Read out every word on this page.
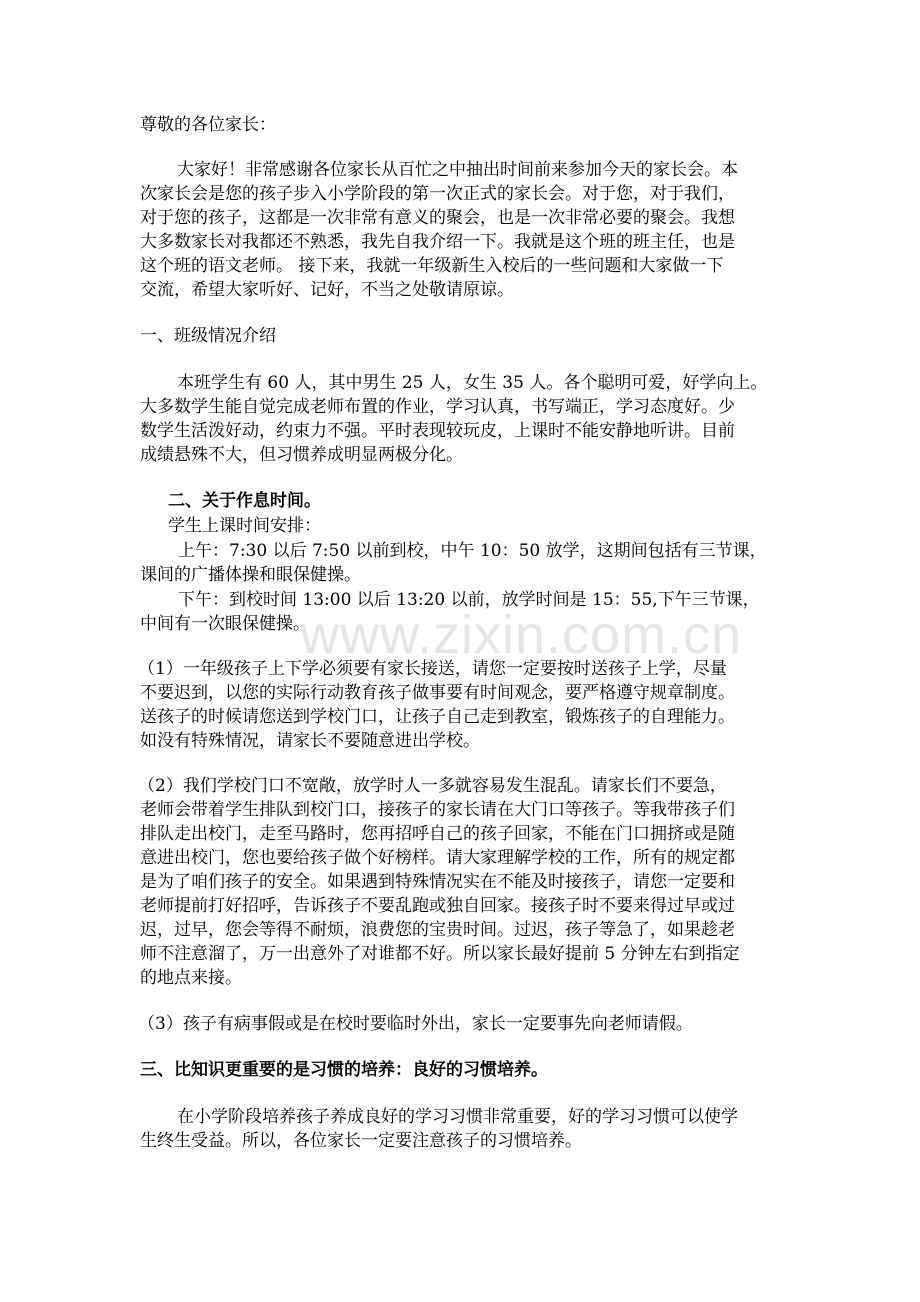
尊敬的各位家长：

大家好！非常感谢各位家长从百忙之中抽出时间前来参加今天的家长会。本

次家长会是您的孩子步入小学阶段的第一次正式的家长会。对于您，对于我们，

对于您的孩子，这都是一次非常有意义的聚会，也是一次非常必要的聚会。我想

大多数家长对我都还不熟悉，我先自我介绍一下。我就是这个班的班主任，也是

这个班的语文老师。 接下来，我就一年级新生入校后的一些问题和大家做一下

交流，希望大家听好、记好，不当之处敬请原谅。

一、班级情况介绍

本班学生有 60 人，其中男生 25 人，女生 35 人。各个聪明可爱，好学向上。

大多数学生能自觉完成老师布置的作业，学习认真，书写端正，学习态度好。少

数学生活泼好动，约束力不强。平时表现较玩皮，上课时不能安静地听讲。目前

成绩悬殊不大，但习惯养成明显两极分化。

二、关于作息时间。

学生上课时间安排：

上午：7:30 以后 7:50 以前到校，中午 10：50 放学，这期间包括有三节课，

课间的广播体操和眼保健操。

下午：到校时间 13:00 以后 13:20 以前，放学时间是 15：55,下午三节课，

中间有一次眼保健操。

（1）一年级孩子上下学必须要有家长接送，请您一定要按时送孩子上学，尽量

不要迟到，以您的实际行动教育孩子做事要有时间观念，要严格遵守规章制度。

送孩子的时候请您送到学校门口，让孩子自己走到教室，锻炼孩子的自理能力。

如没有特殊情况，请家长不要随意进出学校。

（2）我们学校门口不宽敞，放学时人一多就容易发生混乱。请家长们不要急，

老师会带着学生排队到校门口，接孩子的家长请在大门口等孩子。等我带孩子们

排队走出校门，走至马路时，您再招呼自己的孩子回家，不能在门口拥挤或是随

意进出校门，您也要给孩子做个好榜样。请大家理解学校的工作，所有的规定都

是为了咱们孩子的安全。如果遇到特殊情况实在不能及时接孩子，请您一定要和

老师提前打好招呼，告诉孩子不要乱跑或独自回家。接孩子时不要来得过早或过

迟，过早，您会等得不耐烦，浪费您的宝贵时间。过迟，孩子等急了，如果趁老

师不注意溜了，万一出意外了对谁都不好。所以家长最好提前 5 分钟左右到指定

的地点来接。

（3）孩子有病事假或是在校时要临时外出，家长一定要事先向老师请假。

三、比知识更重要的是习惯的培养：良好的习惯培养。

在小学阶段培养孩子养成良好的学习习惯非常重要，好的学习习惯可以使学

生终生受益。所以，各位家长一定要注意孩子的习惯培养。

www.zixin.com.cn
